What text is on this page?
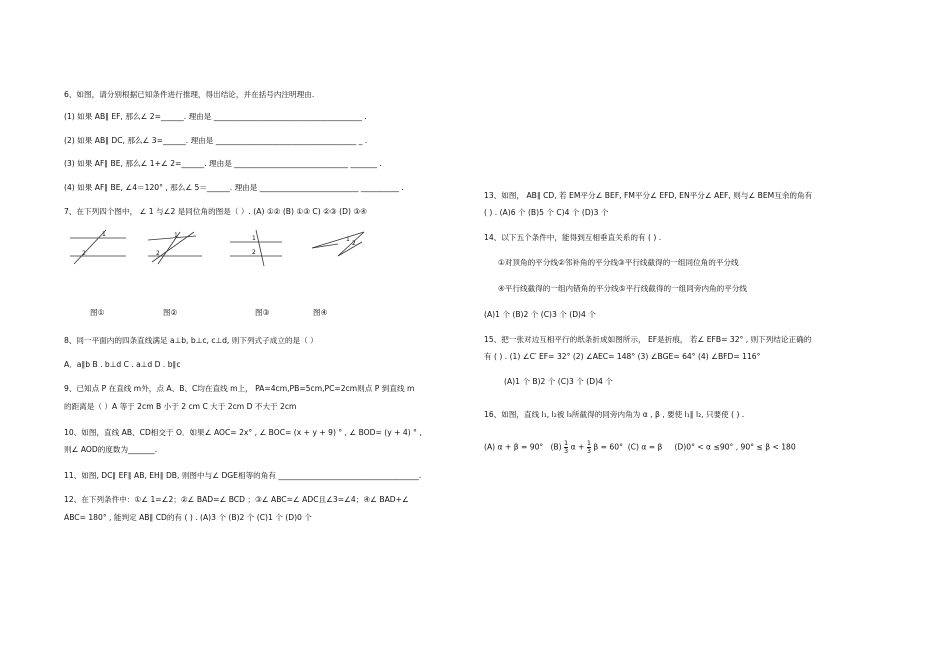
6、如图，请分别根据已知条件进行推理，得出结论，并在括号内注明理由.
(1) 如果 AB∥ EF, 那么∠ 2=______. 理由是 _______________________________________ .
(2) 如果 AB∥ DC, 那么∠ 3=______. 理由是 _____________________________________ _ .
(3) 如果 AF∥ BE, 那么∠ 1+∠ 2=______. 理由是 ______________________________ _______ .
(4) 如果 AF∥ BE, ∠4＝120° , 那么∠ 5＝______. 理由是 __________________________ __________ .
7、在下列四个图中， ∠ 1 与∠2 是同位角的图是（ ）. (A) ①② (B) ①③ C) ②③ (D) ③④
1
2
1
2
1
2
1
2
图①	图②	图③	图④
8、同一平面内的四条直线满足 a⊥b, b⊥c, c⊥d, 则下列式子成立的是（ ）
A．a∥b B . b⊥d C . a⊥d D . b∥c
9、已知点 P 在直线 m外，点 A、B、C均在直线 m上， PA=4cm,PB=5cm,PC=2cm则点 P 到直线 m
的距离是（ ）A 等于 2cm B 小于 2 cm C 大于 2cm D 不大于 2cm
10、如图，直线 AB、CD相交于 O．如果∠ AOC= 2x° , ∠ BOC= (x + y + 9) ° , ∠ BOD= (y + 4) ° ,
则∠ AOD的度数为_______.
11、如图, DC∥ EF∥ AB, EH∥ DB, 则图中与∠ DGE相等的角有 _____________________________________.
12、在下列条件中：①∠ 1=∠2；②∠ BAD=∠ BCD ；③∠ ABC=∠ ADC且∠3=∠4；④∠ BAD+∠
ABC= 180° , 能判定 AB∥ CD的有 ( ) . (A)3 个 (B)2 个 (C)1 个 (D)0 个
13、如图， AB∥ CD, 若 EM平分∠ BEF, FM平分∠ EFD, EN平分∠ AEF, 则与∠ BEM互余的角有
( ) . (A)6 个 (B)5 个 C)4 个 (D)3 个
14、以下五个条件中，能得到互相垂直关系的有 ( ) .
①对顶角的平分线②邻补角的平分线③平行线截得的一组同位角的平分线
④平行线截得的一组内错角的平分线⑤平行线截得的一组同旁内角的平分线
(A)1 个 (B)2 个 (C)3 个 (D)4 个
15、把一张对边互相平行的纸条折成如图所示， EF是折痕， 若∠ EFB= 32° , 则下列结论正确的
有 ( ) . (1) ∠C′ EF= 32° (2) ∠AEC= 148° (3) ∠BGE= 64° (4) ∠BFD= 116°
(A)1 个 B)2 个 (C)3 个 (D)4 个
16、如图，直线 l₁, l₂被 l₃所截得的同旁内角为 α , β , 要使 l₁∥ l₂, 只要使 ( ) .
(A) α + β = 90° $(B) \frac{1}{3}$ $\alpha + \frac{1}{3}$ β = 60° (C) α = β (D)0° < α ≤90° , 90° ≤ β < 180
